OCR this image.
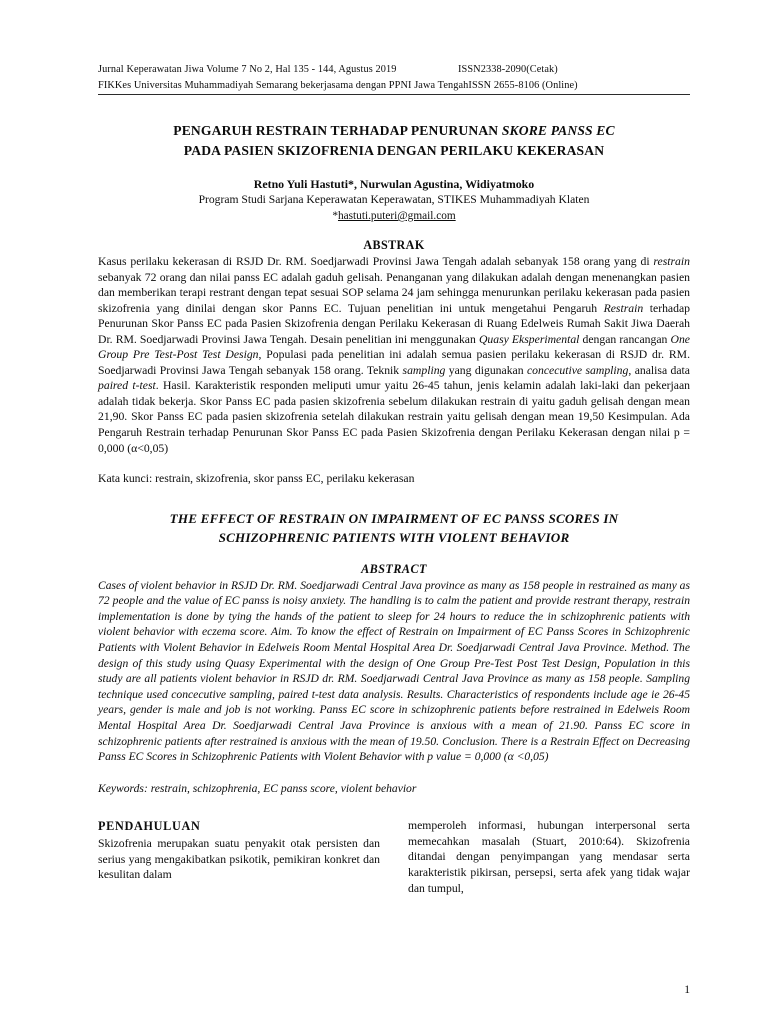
Jurnal Keperawatan Jiwa Volume 7 No 2, Hal 135 - 144, Agustus 2019	ISSN2338-2090(Cetak)
FIKKes Universitas Muhammadiyah Semarang bekerjasama dengan PPNI Jawa Tengah ISSN 2655-8106 (Online)
PENGARUH RESTRAIN TERHADAP PENURUNAN SKORE PANSS EC
PADA PASIEN SKIZOFRENIA DENGAN PERILAKU KEKERASAN
Retno Yuli Hastuti*, Nurwulan Agustina, Widiyatmoko
Program Studi Sarjana Keperawatan Keperawatan, STIKES Muhammadiyah Klaten
*hastuti.puteri@gmail.com
ABSTRAK

Kasus perilaku kekerasan di RSJD Dr. RM. Soedjarwadi Provinsi Jawa Tengah adalah sebanyak 158 orang yang di restrain sebanyak 72 orang dan nilai panss EC adalah gaduh gelisah. Penanganan yang dilakukan adalah dengan menenangkan pasien dan memberikan terapi restrant dengan tepat sesuai SOP selama 24 jam sehingga menurunkan perilaku kekerasan pada pasien skizofrenia yang dinilai dengan skor Panns EC. Tujuan penelitian ini untuk mengetahui Pengaruh Restrain terhadap Penurunan Skor Panss EC pada Pasien Skizofrenia dengan Perilaku Kekerasan di Ruang Edelweis Rumah Sakit Jiwa Daerah Dr. RM. Soedjarwadi Provinsi Jawa Tengah. Desain penelitian ini menggunakan Quasy Eksperimental dengan rancangan One Group Pre Test-Post Test Design, Populasi pada penelitian ini adalah semua pasien perilaku kekerasan di RSJD dr. RM. Soedjarwadi Provinsi Jawa Tengah sebanyak 158 orang. Teknik sampling yang digunakan concecutive sampling, analisa data paired t-test. Hasil. Karakteristik responden meliputi umur yaitu 26-45 tahun, jenis kelamin adalah laki-laki dan pekerjaan adalah tidak bekerja. Skor Panss EC pada pasien skizofrenia sebelum dilakukan restrain di yaitu gaduh gelisah dengan mean 21,90. Skor Panss EC pada pasien skizofrenia setelah dilakukan restrain yaitu gelisah dengan mean 19,50 Kesimpulan. Ada Pengaruh Restrain terhadap Penurunan Skor Panss EC pada Pasien Skizofrenia dengan Perilaku Kekerasan dengan nilai p = 0,000 (α<0,05)

Kata kunci: restrain, skizofrenia, skor panss EC, perilaku kekerasan
THE EFFECT OF RESTRAIN ON IMPAIRMENT OF EC PANSS SCORES IN
SCHIZOPHRENIC PATIENTS WITH VIOLENT BEHAVIOR
ABSTRACT

Cases of violent behavior in RSJD Dr. RM. Soedjarwadi Central Java province as many as 158 people in restrained as many as 72 people and the value of EC panss is noisy anxiety. The handling is to calm the patient and provide restrant therapy, restrain implementation is done by tying the hands of the patient to sleep for 24 hours to reduce the in schizophrenic patients with violent behavior with eczema score. Aim. To know the effect of Restrain on Impairment of EC Panss Scores in Schizophrenic Patients with Violent Behavior in Edelweis Room Mental Hospital Area Dr. Soedjarwadi Central Java Province. Method. The design of this study using Quasy Experimental with the design of One Group Pre-Test Post Test Design, Population in this study are all patients violent behavior in RSJD dr. RM. Soedjarwadi Central Java Province as many as 158 people. Sampling technique used concecutive sampling, paired t-test data analysis. Results. Characteristics of respondents include age ie 26-45 years, gender is male and job is not working. Panss EC score in schizophrenic patients before restrained in Edelweis Room Mental Hospital Area Dr. Soedjarwadi Central Java Province is anxious with a mean of 21.90. Panss EC score in schizophrenic patients after restrained is anxious with the mean of 19.50. Conclusion. There is a Restrain Effect on Decreasing Panss EC Scores in Schizophrenic Patients with Violent Behavior with p value = 0,000 (α <0,05)

Keywords: restrain, schizophrenia, EC panss score, violent behavior
PENDAHULUAN

Skizofrenia merupakan suatu penyakit otak persisten dan serius yang mengakibatkan psikotik, pemikiran konkret dan kesulitan dalam

memperoleh informasi, hubungan interpersonal serta memecahkan masalah (Stuart, 2010:64). Skizofrenia ditandai dengan penyimpangan yang mendasar serta karakteristik pikirsan, persepsi, serta afek yang tidak wajar dan tumpul,

1
